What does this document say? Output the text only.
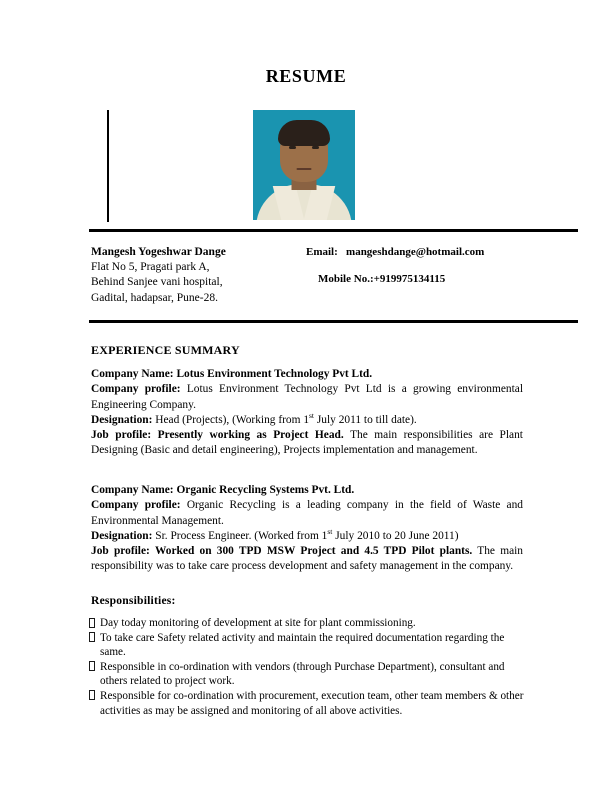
RESUME
Mangesh Yogeshwar Dange
Flat No 5, Pragati park A,
Behind Sanjee vani hospital,
Gadital, hadapsar, Pune-28.
Email: mangeshdange@hotmail.com
Mobile No.:+919975134115
EXPERIENCE SUMMARY

Company Name: Lotus Environment Technology Pvt Ltd.

Company profile: Lotus Environment Technology Pvt Ltd is a growing environmental Engineering Company.

Designation: Head (Projects), (Working from 1st July 2011 to till date).

Job profile: Presently working as Project Head. The main responsibilities are Plant Designing (Basic and detail engineering), Projects implementation and management.

Company Name: Organic Recycling Systems Pvt. Ltd.

Company profile: Organic Recycling is a leading company in the field of Waste and Environmental Management.

Designation: Sr. Process Engineer. (Worked from 1st July 2010 to 20 June 2011)

Job profile: Worked on 300 TPD MSW Project and 4.5 TPD Pilot plants. The main responsibility was to take care process development and safety management in the company.

Responsibilities:
Day today monitoring of development at site for plant commissioning.
To take care Safety related activity and maintain the required documentation regarding the same.
Responsible in co-ordination with vendors (through Purchase Department), consultant and others related to project work.
Responsible for co-ordination with procurement, execution team, other team members & other activities as may be assigned and monitoring of all above activities.
